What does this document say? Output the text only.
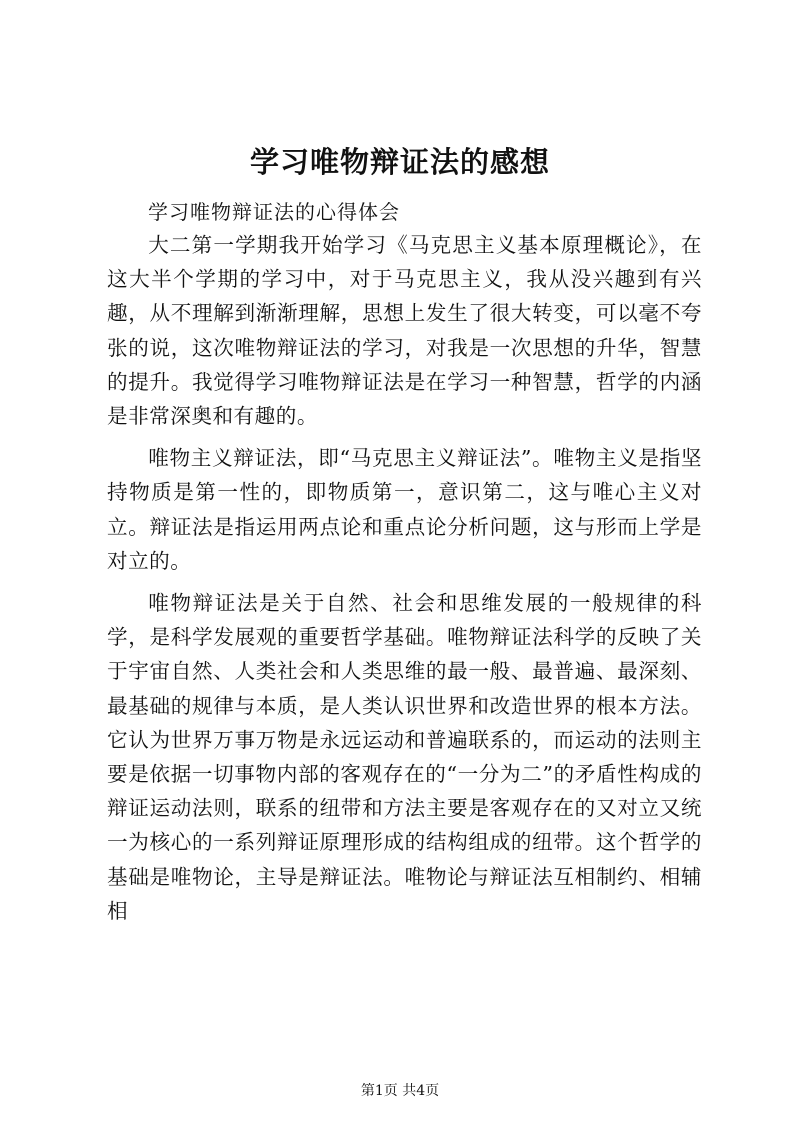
学习唯物辩证法的感想
学习唯物辩证法的心得体会

大二第一学期我开始学习《马克思主义基本原理概论》，在这大半个学期的学习中，对于马克思主义，我从没兴趣到有兴趣，从不理解到渐渐理解，思想上发生了很大转变，可以毫不夸张的说，这次唯物辩证法的学习，对我是一次思想的升华，智慧的提升。我觉得学习唯物辩证法是在学习一种智慧，哲学的内涵是非常深奥和有趣的。

唯物主义辩证法，即“马克思主义辩证法”。唯物主义是指坚持物质是第一性的，即物质第一，意识第二，这与唯心主义对立。辩证法是指运用两点论和重点论分析问题，这与形而上学是对立的。

唯物辩证法是关于自然、社会和思维发展的一般规律的科学，是科学发展观的重要哲学基础。唯物辩证法科学的反映了关于宇宙自然、人类社会和人类思维的最一般、最普遍、最深刻、最基础的规律与本质，是人类认识世界和改造世界的根本方法。它认为世界万事万物是永远运动和普遍联系的，而运动的法则主要是依据一切事物内部的客观存在的“一分为二”的矛盾性构成的辩证运动法则，联系的纽带和方法主要是客观存在的又对立又统一为核心的一系列辩证原理形成的结构组成的纽带。这个哲学的基础是唯物论，主导是辩证法。唯物论与辩证法互相制约、相辅相

第1页 共4页
